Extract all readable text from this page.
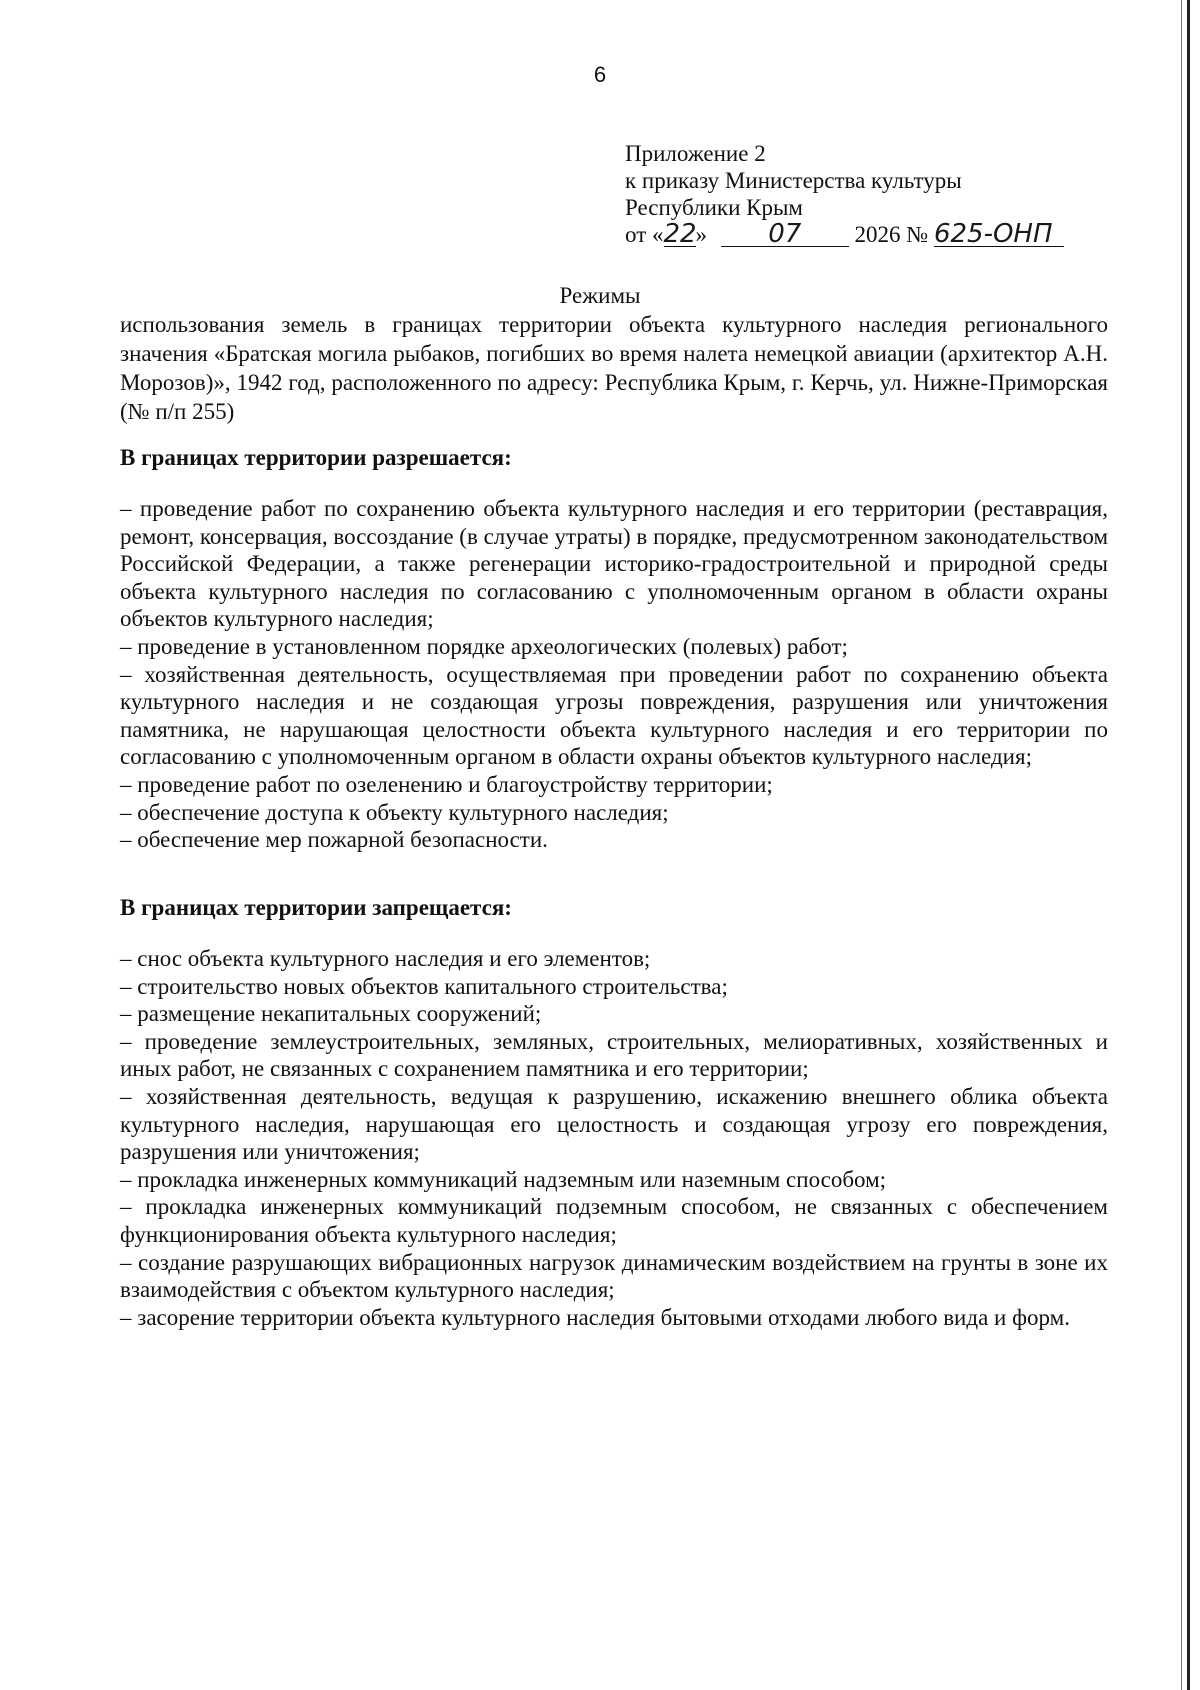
6
Приложение 2
к приказу Министерства культуры
Республики Крым
от «22» 07 2026 № 625-ОНП
Режимы
использования земель в границах территории объекта культурного наследия регионального значения «Братская могила рыбаков, погибших во время налета немецкой авиации (архитектор А.Н. Морозов)», 1942 год, расположенного по адресу: Республика Крым, г. Керчь, ул. Нижне-Приморская (№ п/п 255)
В границах территории разрешается:
– проведение работ по сохранению объекта культурного наследия и его территории (реставрация, ремонт, консервация, воссоздание (в случае утраты) в порядке, предусмотренном законодательством Российской Федерации, а также регенерации историко-градостроительной и природной среды объекта культурного наследия по согласованию с уполномоченным органом в области охраны объектов культурного наследия;
– проведение в установленном порядке археологических (полевых) работ;
– хозяйственная деятельность, осуществляемая при проведении работ по сохранению объекта культурного наследия и не создающая угрозы повреждения, разрушения или уничтожения памятника, не нарушающая целостности объекта культурного наследия и его территории по согласованию с уполномоченным органом в области охраны объектов культурного наследия;
– проведение работ по озеленению и благоустройству территории;
– обеспечение доступа к объекту культурного наследия;
– обеспечение мер пожарной безопасности.
В границах территории запрещается:
– снос объекта культурного наследия и его элементов;
– строительство новых объектов капитального строительства;
– размещение некапитальных сооружений;
– проведение землеустроительных, земляных, строительных, мелиоративных, хозяйственных и иных работ, не связанных с сохранением памятника и его территории;
– хозяйственная деятельность, ведущая к разрушению, искажению внешнего облика объекта культурного наследия, нарушающая его целостность и создающая угрозу его повреждения, разрушения или уничтожения;
– прокладка инженерных коммуникаций надземным или наземным способом;
– прокладка инженерных коммуникаций подземным способом, не связанных с обеспечением функционирования объекта культурного наследия;
– создание разрушающих вибрационных нагрузок динамическим воздействием на грунты в зоне их взаимодействия с объектом культурного наследия;
– засорение территории объекта культурного наследия бытовыми отходами любого вида и форм.
